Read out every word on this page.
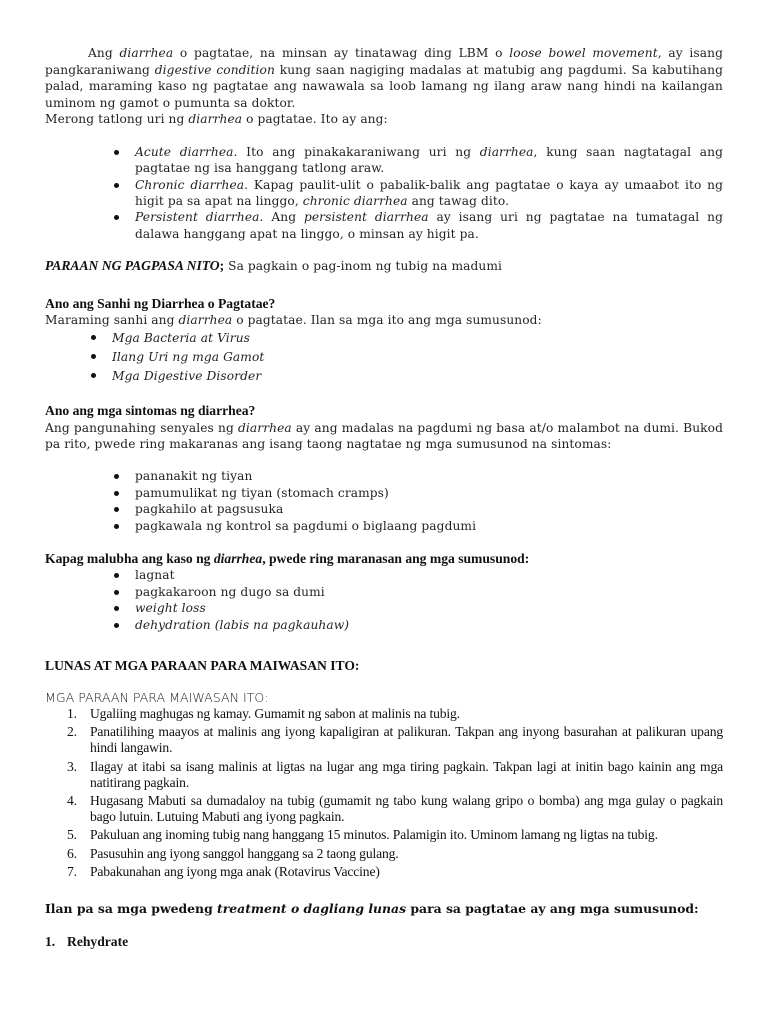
Ang diarrhea o pagtatae, na minsan ay tinatawag ding LBM o loose bowel movement, ay isang pangkaraniwang digestive condition kung saan nagiging madalas at matubig ang pagdumi. Sa kabutihang palad, maraming kaso ng pagtatae ang nawawala sa loob lamang ng ilang araw nang hindi na kailangan uminom ng gamot o pumunta sa doktor.

Merong tatlong uri ng diarrhea o pagtatae. Ito ay ang:

Acute diarrhea. Ito ang pinakakaraniwang uri ng diarrhea, kung saan nagtatagal ang pagtatae ng isa hanggang tatlong araw.
Chronic diarrhea. Kapag paulit-ulit o pabalik-balik ang pagtatae o kaya ay umaabot ito ng higit pa sa apat na linggo, chronic diarrhea ang tawag dito.
Persistent diarrhea. Ang persistent diarrhea ay isang uri ng pagtatae na tumatagal ng dalawa hanggang apat na linggo, o minsan ay higit pa.

PARAAN NG PAGPASA NITO; Sa pagkain o pag-inom ng tubig na madumi

Ano ang Sanhi ng Diarrhea o Pagtatae?

Maraming sanhi ang diarrhea o pagtatae. Ilan sa mga ito ang mga sumusunod:

Mga Bacteria at Virus
Ilang Uri ng mga Gamot
Mga Digestive Disorder
Ano ang mga sintomas ng diarrhea?

Ang pangunahing senyales ng diarrhea ay ang madalas na pagdumi ng basa at/o malambot na dumi. Bukod pa rito, pwede ring makaranas ang isang taong nagtatae ng mga sumusunod na sintomas:

pananakit ng tiyan
pamumulikat ng tiyan (stomach cramps)
pagkahilo at pagsusuka
pagkawala ng kontrol sa pagdumi o biglaang pagdumi
Kapag malubha ang kaso ng diarrhea, pwede ring maranasan ang mga sumusunod:
lagnat
pagkakaroon ng dugo sa dumi
weight loss
dehydration (labis na pagkauhaw)
LUNAS AT MGA PARAAN PARA MAIWASAN ITO:

MGA PARAAN PARA MAIWASAN ITO:

1. Ugaliing maghugas ng kamay. Gumamit ng sabon at malinis na tubig.
2. Panatilihing maayos at malinis ang iyong kapaligiran at palikuran. Takpan ang inyong basurahan at palikuran upang hindi langawin.
3. Ilagay at itabi sa isang malinis at ligtas na lugar ang mga tiring pagkain. Takpan lagi at initin bago kainin ang mga natitirang pagkain.
4. Hugasang Mabuti sa dumadaloy na tubig (gumamit ng tabo kung walang gripo o bomba) ang mga gulay o pagkain bago lutuin. Lutuing Mabuti ang iyong pagkain.
5. Pakuluan ang inoming tubig nang hanggang 15 minutos. Palamigin ito. Uminom lamang ng ligtas na tubig.
6. Pasusuhin ang iyong sanggol hanggang sa 2 taong gulang.
7. Pabakunahan ang iyong mga anak (Rotavirus Vaccine)
Ilan pa sa mga pwedeng treatment o dagliang lunas para sa pagtatae ay ang mga sumusunod:
1. Rehydrate
